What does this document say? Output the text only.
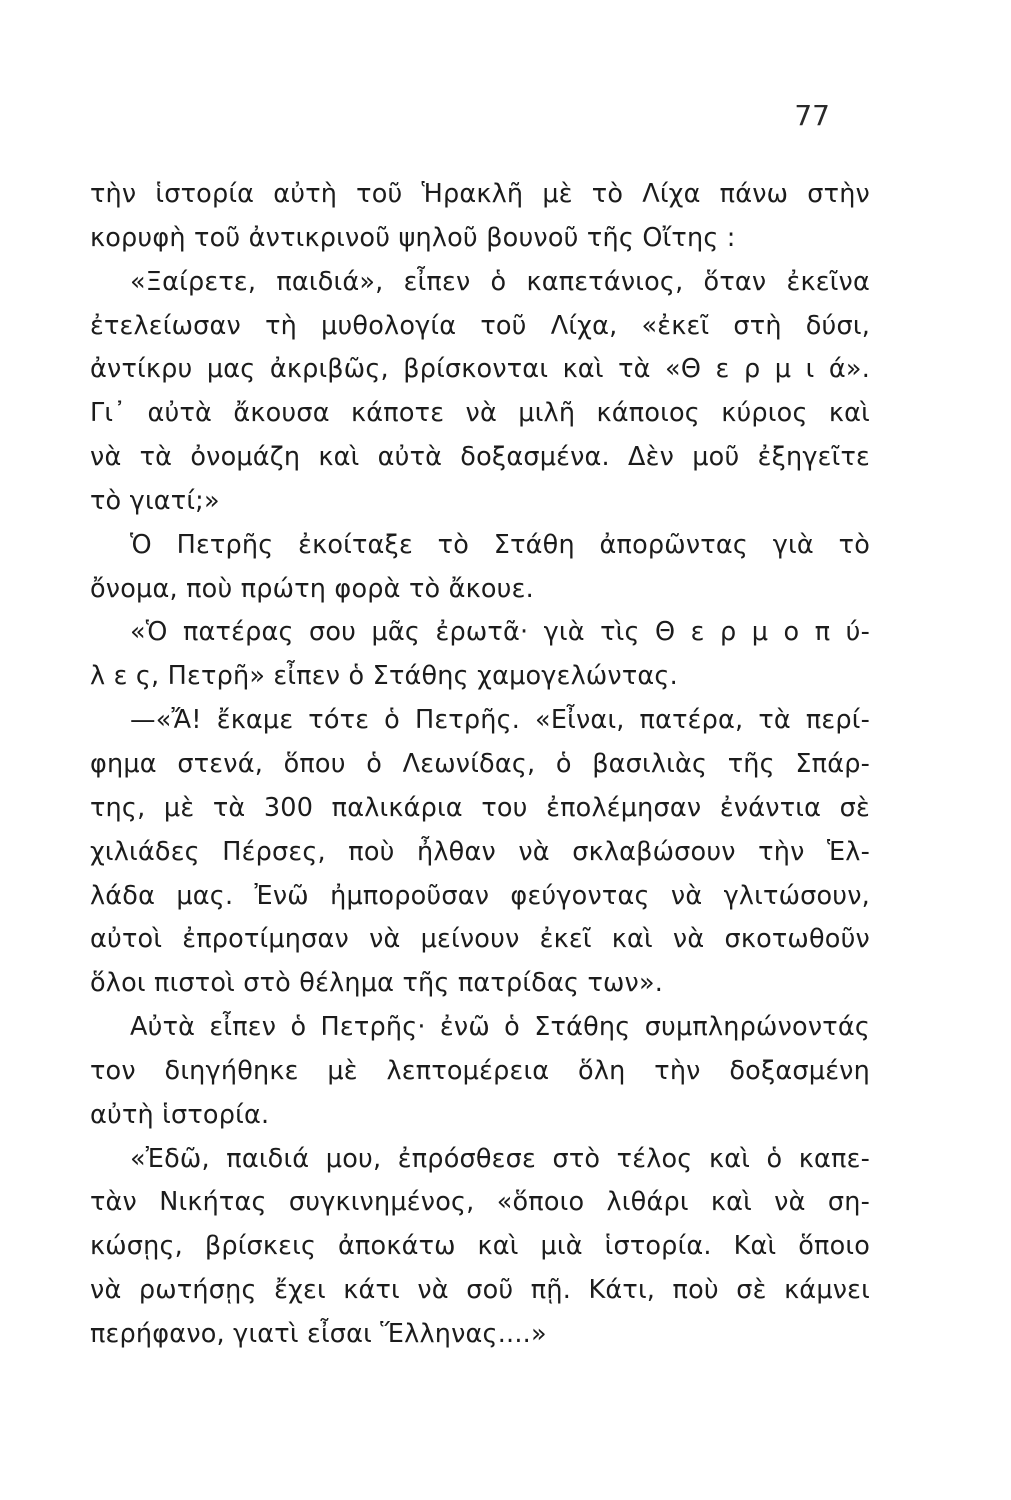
77
τὴν ἱστορία αὐτὴ τοῦ Ἡρακλῆ μὲ τὸ Λίχα πάνω στὴν
κορυφὴ τοῦ ἀντικρινοῦ ψηλοῦ βουνοῦ τῆς Οἴτης :
«Ξαίρετε, παιδιά», εἶπεν ὁ καπετάνιος, ὅταν ἐκεῖνα
ἐτελείωσαν τὴ μυθολογία τοῦ Λίχα, «ἐκεῖ στὴ δύσι,
ἀντίκρυ μας ἀκριβῶς, βρίσκονται καὶ τὰ «Θ ε ρ μ ι ά».
Γι᾽ αὐτὰ ἄκουσα κάποτε νὰ μιλῆ κάποιος κύριος καὶ
νὰ τὰ ὀνομάζη καὶ αὐτὰ δοξασμένα. Δὲν μοῦ ἐξηγεῖτε
τὸ γιατί;»
Ὁ Πετρῆς ἐκοίταξε τὸ Στάθη ἀπορῶντας γιὰ τὸ
ὄνομα, ποὺ πρώτη φορὰ τὸ ἄκουε.
«Ὁ πατέρας σου μᾶς ἐρωτᾶ· γιὰ τὶς Θ ε ρ μ ο π ύ-
λ ε ς, Πετρῆ» εἶπεν ὁ Στάθης χαμογελώντας.
—«Ἄ! ἔκαμε τότε ὁ Πετρῆς. «Εἶναι, πατέρα, τὰ περί-
φημα στενά, ὅπου ὁ Λεωνίδας, ὁ βασιλιὰς τῆς Σπάρ-
της, μὲ τὰ 300 παλικάρια του ἐπολέμησαν ἐνάντια σὲ
χιλιάδες Πέρσες, ποὺ ἦλθαν νὰ σκλαβώσουν τὴν Ἑλ-
λάδα μας. Ἐνῶ ἠμποροῦσαν φεύγοντας νὰ γλιτώσουν,
αὐτοὶ ἐπροτίμησαν νὰ μείνουν ἐκεῖ καὶ νὰ σκοτωθοῦν
ὅλοι πιστοὶ στὸ θέλημα τῆς πατρίδας των».
Αὐτὰ εἶπεν ὁ Πετρῆς· ἐνῶ ὁ Στάθης συμπληρώνοντάς
τον διηγήθηκε μὲ λεπτομέρεια ὅλη τὴν δοξασμένη
αὐτὴ ἱστορία.
«Ἐδῶ, παιδιά μου, ἐπρόσθεσε στὸ τέλος καὶ ὁ καπε-
τὰν Νικήτας συγκινημένος, «ὅποιο λιθάρι καὶ νὰ ση-
κώσῃς, βρίσκεις ἀποκάτω καὶ μιὰ ἱστορία. Καὶ ὅποιο
νὰ ρωτήσῃς ἔχει κάτι νὰ σοῦ πῇ. Κάτι, ποὺ σὲ κάμνει
περήφανο, γιατὶ εἶσαι Ἕλληνας....»
